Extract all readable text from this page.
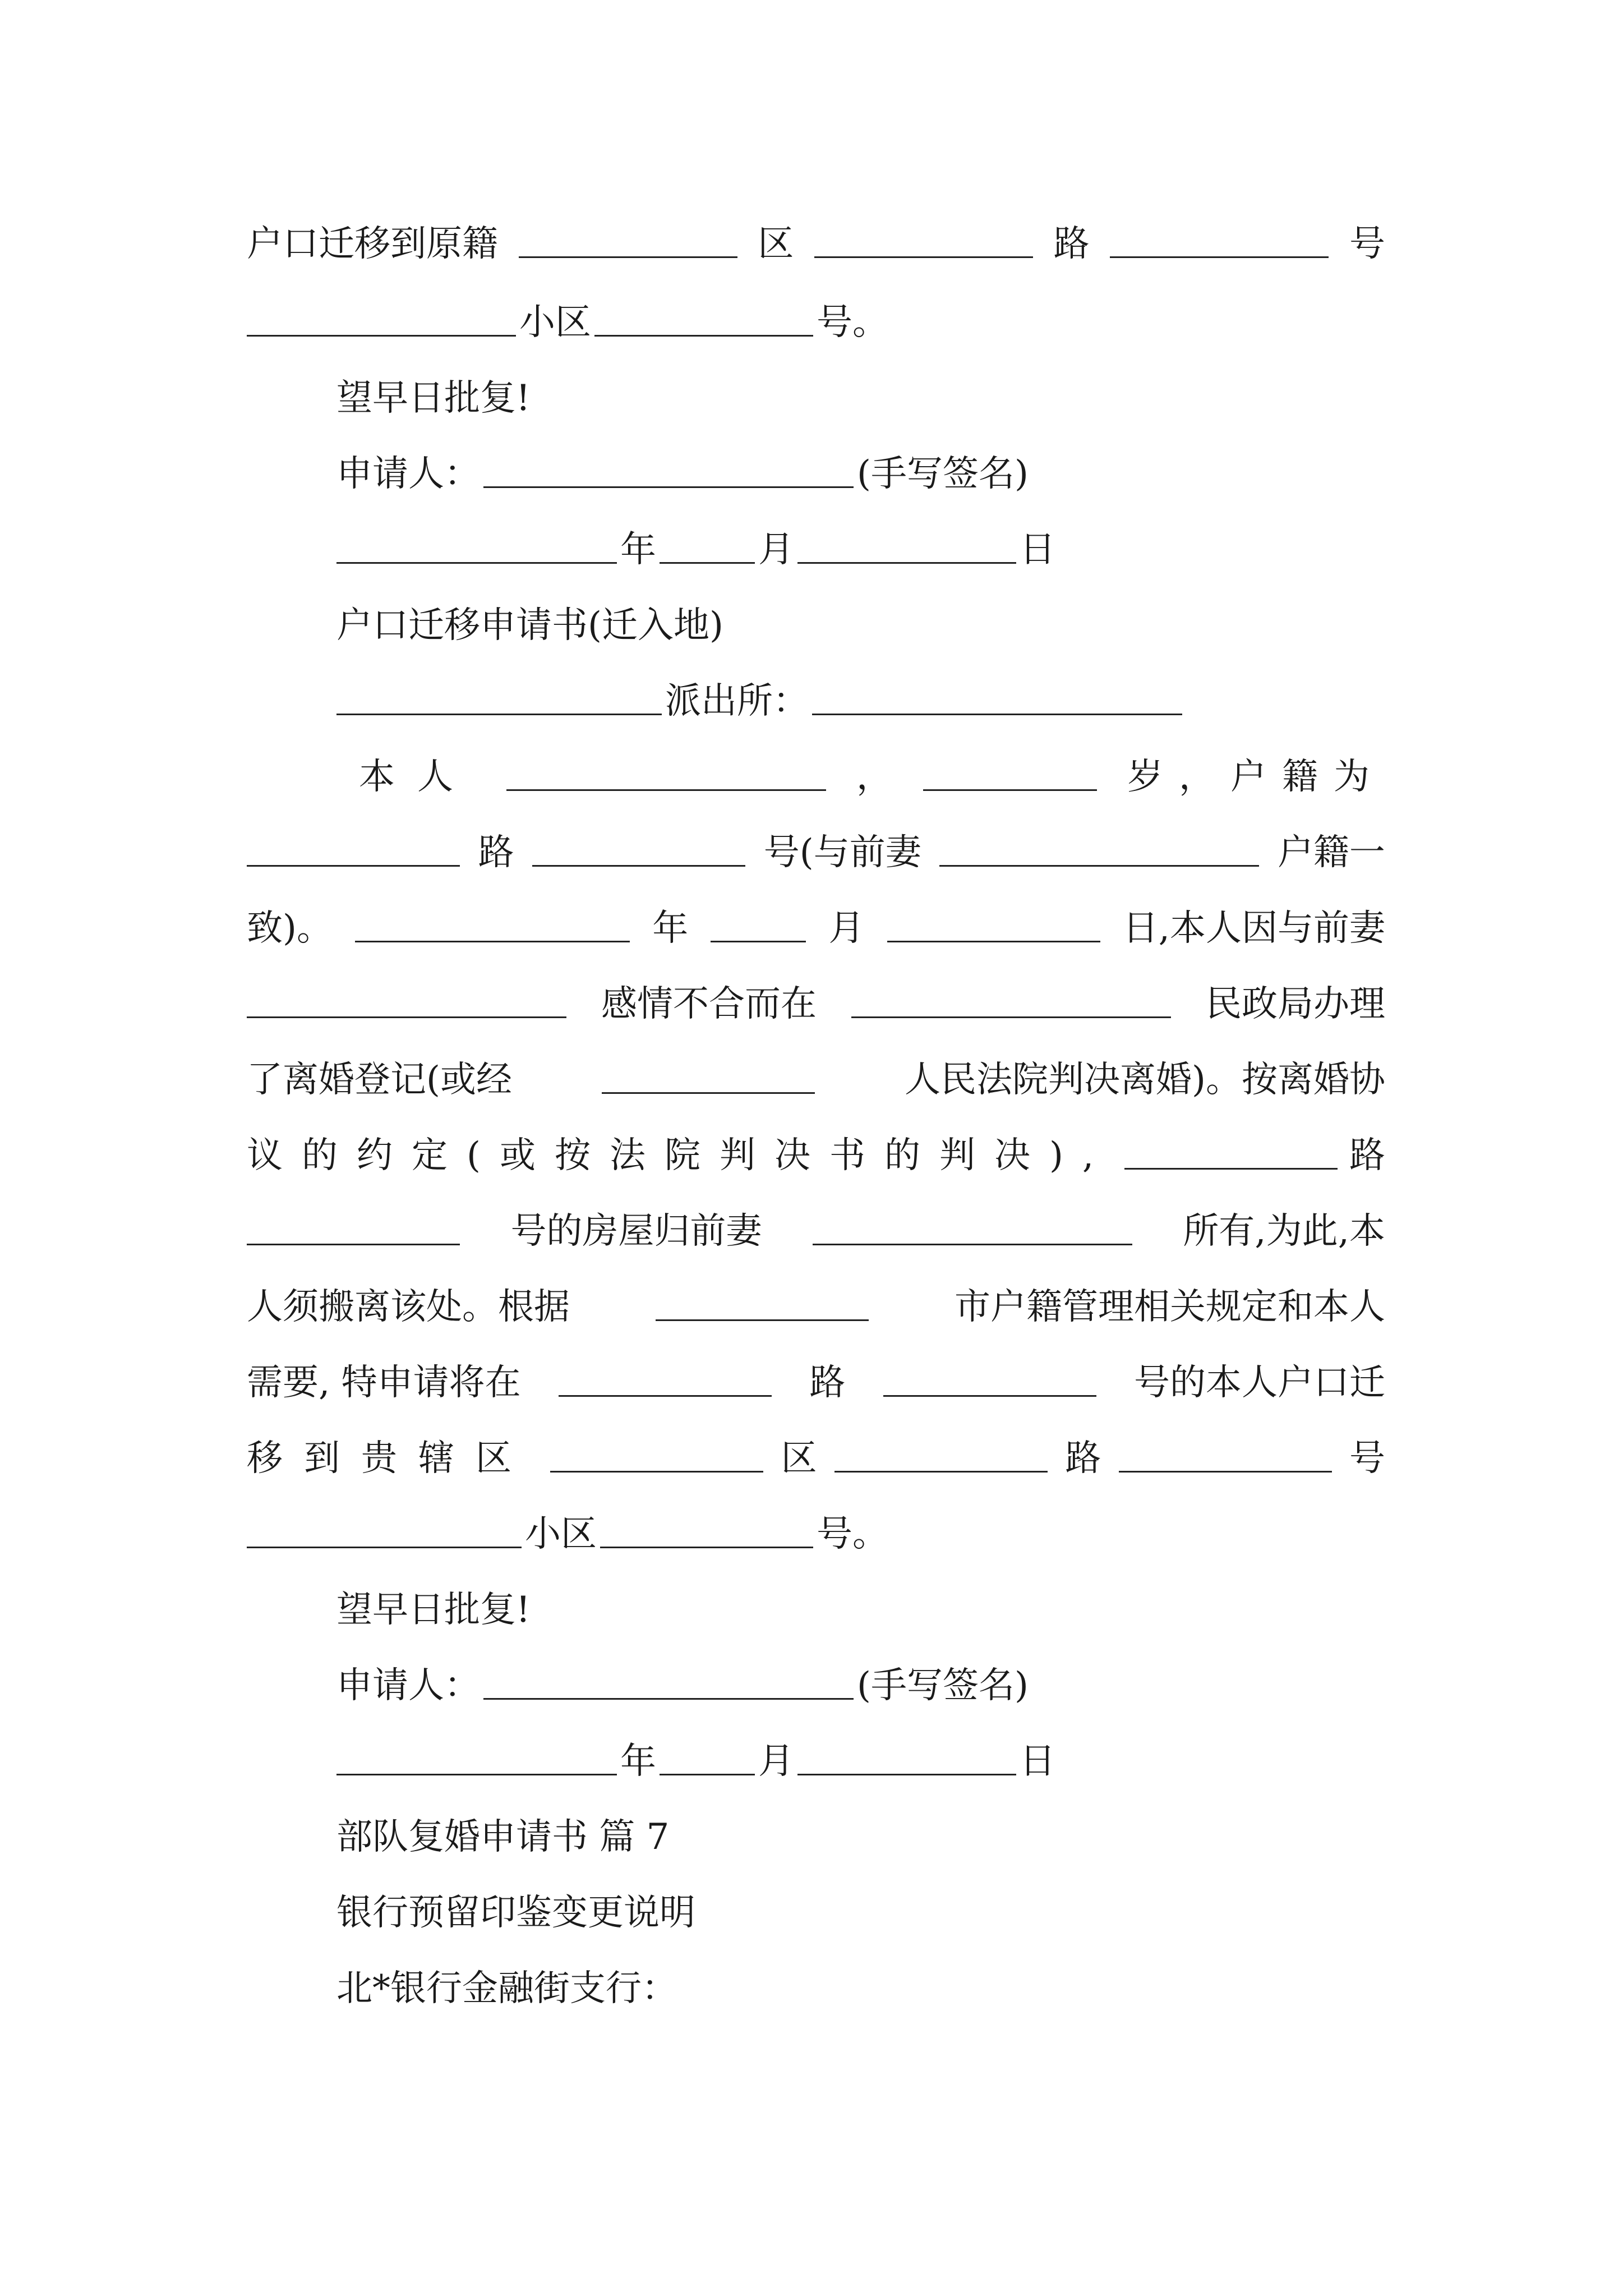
户口迁移到原籍	区	路	号
小区	号。
望早日批复!
申请人：	(手写签名)
年	月	日
户口迁移申请书(迁入地)
派出所：
本人	，	岁，户籍为
路	号(与前妻	户籍一
致)。	年	月	日,本人因与前妻
感情不合而在	民政局办理
了离婚登记(或经	人民法院判决离婚)。按离婚协
议的约定(或按法院判决书的判决),	路
号的房屋归前妻	所有,为此,本
人须搬离该处。根据	市户籍管理相关规定和本人
需要, 特申请将在	路	号的本人户口迁
移到贵辖区	区	路	号
小区	号。
望早日批复!
申请人：	(手写签名)
年	月	日
部队复婚申请书 篇 7
银行预留印鉴变更说明
北*银行金融街支行：
